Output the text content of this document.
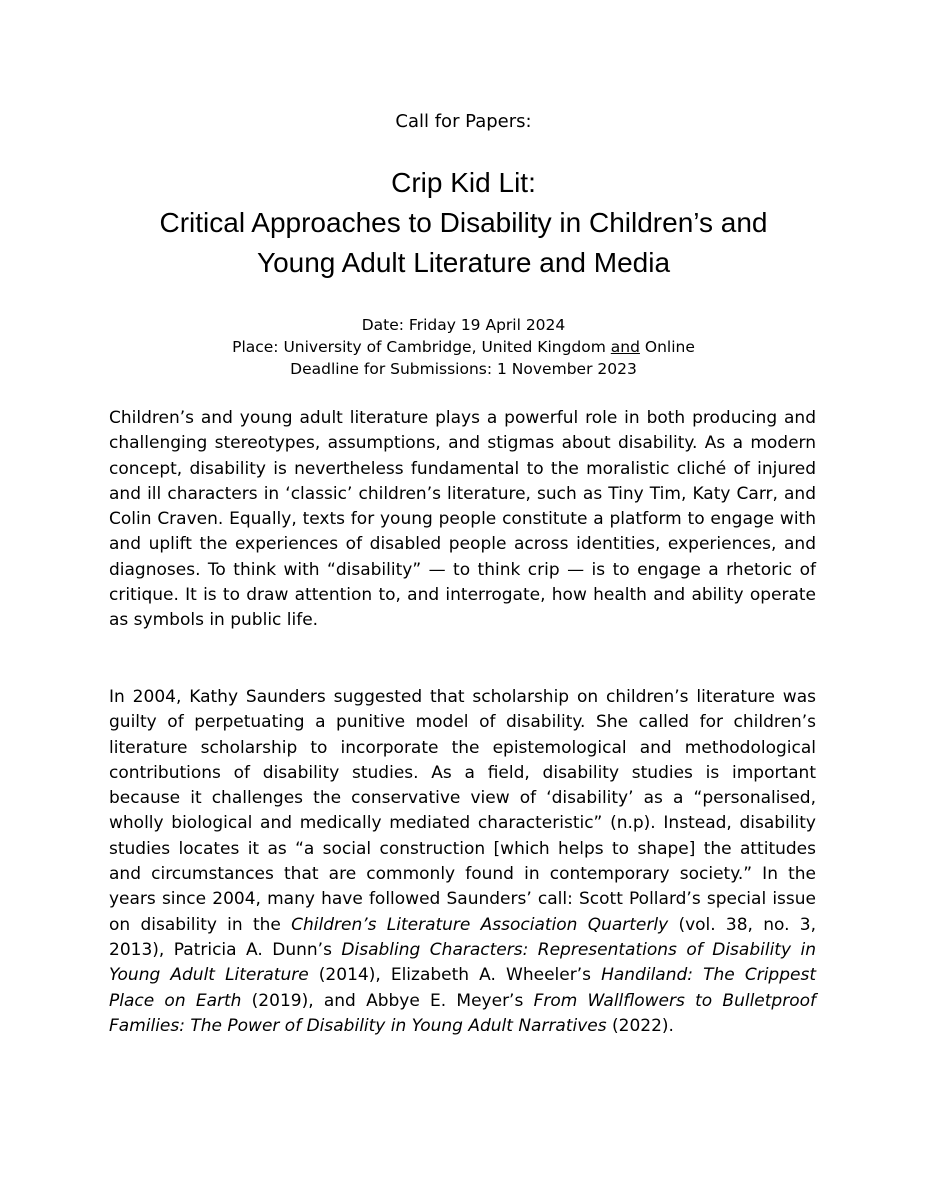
Call for Papers:
Crip Kid Lit:
Critical Approaches to Disability in Children’s and
Young Adult Literature and Media
Date: Friday 19 April 2024
Place: University of Cambridge, United Kingdom and Online
Deadline for Submissions: 1 November 2023

Children’s and young adult literature plays a powerful role in both producing and challenging stereotypes, assumptions, and stigmas about disability. As a modern concept, disability is nevertheless fundamental to the moralistic cliché of injured and ill characters in ‘classic’ children’s literature, such as Tiny Tim, Katy Carr, and Colin Craven. Equally, texts for young people constitute a platform to engage with and uplift the experiences of disabled people across identities, experiences, and diagnoses. To think with “disability” — to think crip — is to engage a rhetoric of critique. It is to draw attention to, and interrogate, how health and ability operate as symbols in public life.

In 2004, Kathy Saunders suggested that scholarship on children’s literature was guilty of perpetuating a punitive model of disability. She called for children’s literature scholarship to incorporate the epistemological and methodological contributions of disability studies. As a field, disability studies is important because it challenges the conservative view of ‘disability’ as a “personalised, wholly biological and medically mediated characteristic” (n.p). Instead, disability studies locates it as “a social construction [which helps to shape] the attitudes and circumstances that are commonly found in contemporary society.” In the years since 2004, many have followed Saunders’ call: Scott Pollard’s special issue on disability in the Children’s Literature Association Quarterly (vol. 38, no. 3, 2013), Patricia A. Dunn’s Disabling Characters: Representations of Disability in Young Adult Literature (2014), Elizabeth A. Wheeler’s Handiland: The Crippest Place on Earth (2019), and Abbye E. Meyer’s From Wallflowers to Bulletproof Families: The Power of Disability in Young Adult Narratives (2022).
